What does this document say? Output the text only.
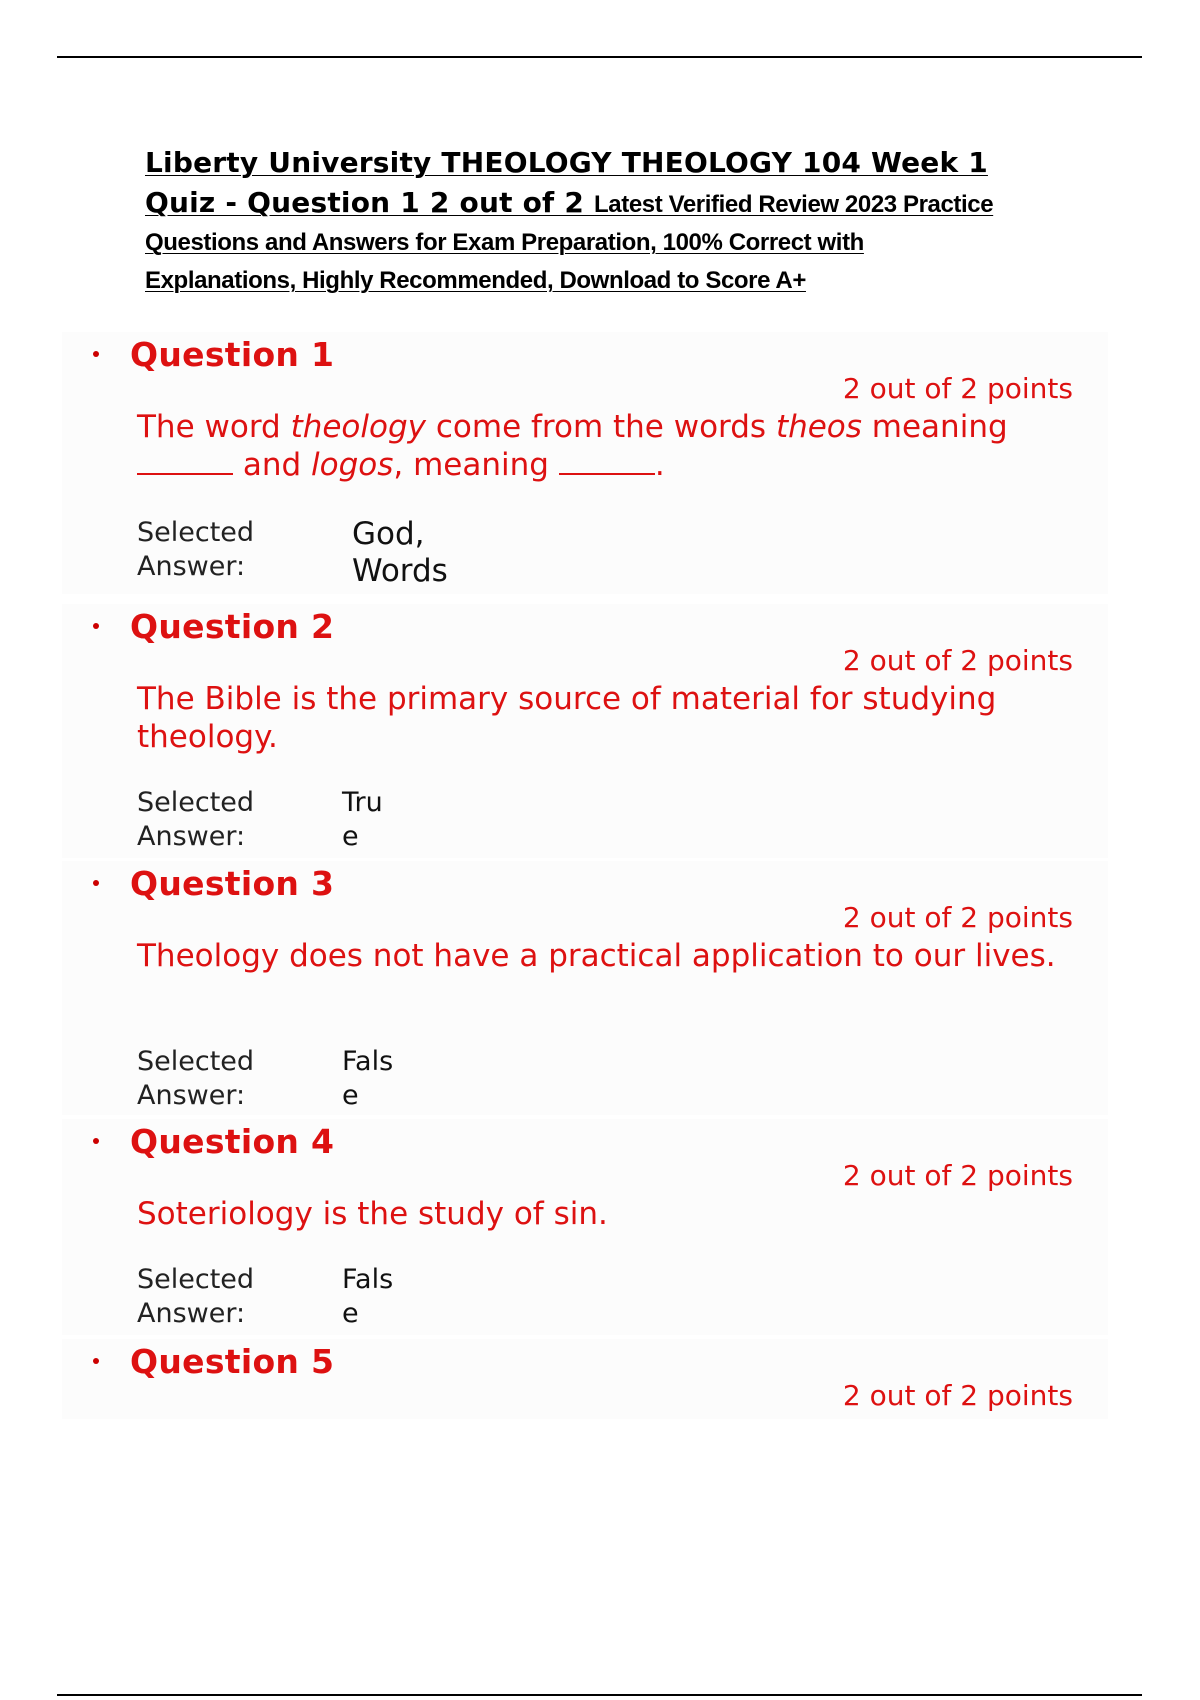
Liberty University THEOLOGY THEOLOGY 104 Week 1
Quiz - Question 1 2 out of 2 Latest Verified Review 2023 Practice
Questions and Answers for Exam Preparation, 100% Correct with
Explanations, Highly Recommended, Download to Score A+
Question 1
2 out of 2 points
The word theology come from the words theos meaning
and logos, meaning	.
Selected
Answer:
God,
Words
Question 2
2 out of 2 points
The Bible is the primary source of material for studying theology.
Selected
Answer:
Tru
e
Question 3
2 out of 2 points
Theology does not have a practical application to our lives.
Selected
Answer:
Fals
e
Question 4
2 out of 2 points
Soteriology is the study of sin.
Selected
Answer:
Fals
e
Question 5
2 out of 2 points
